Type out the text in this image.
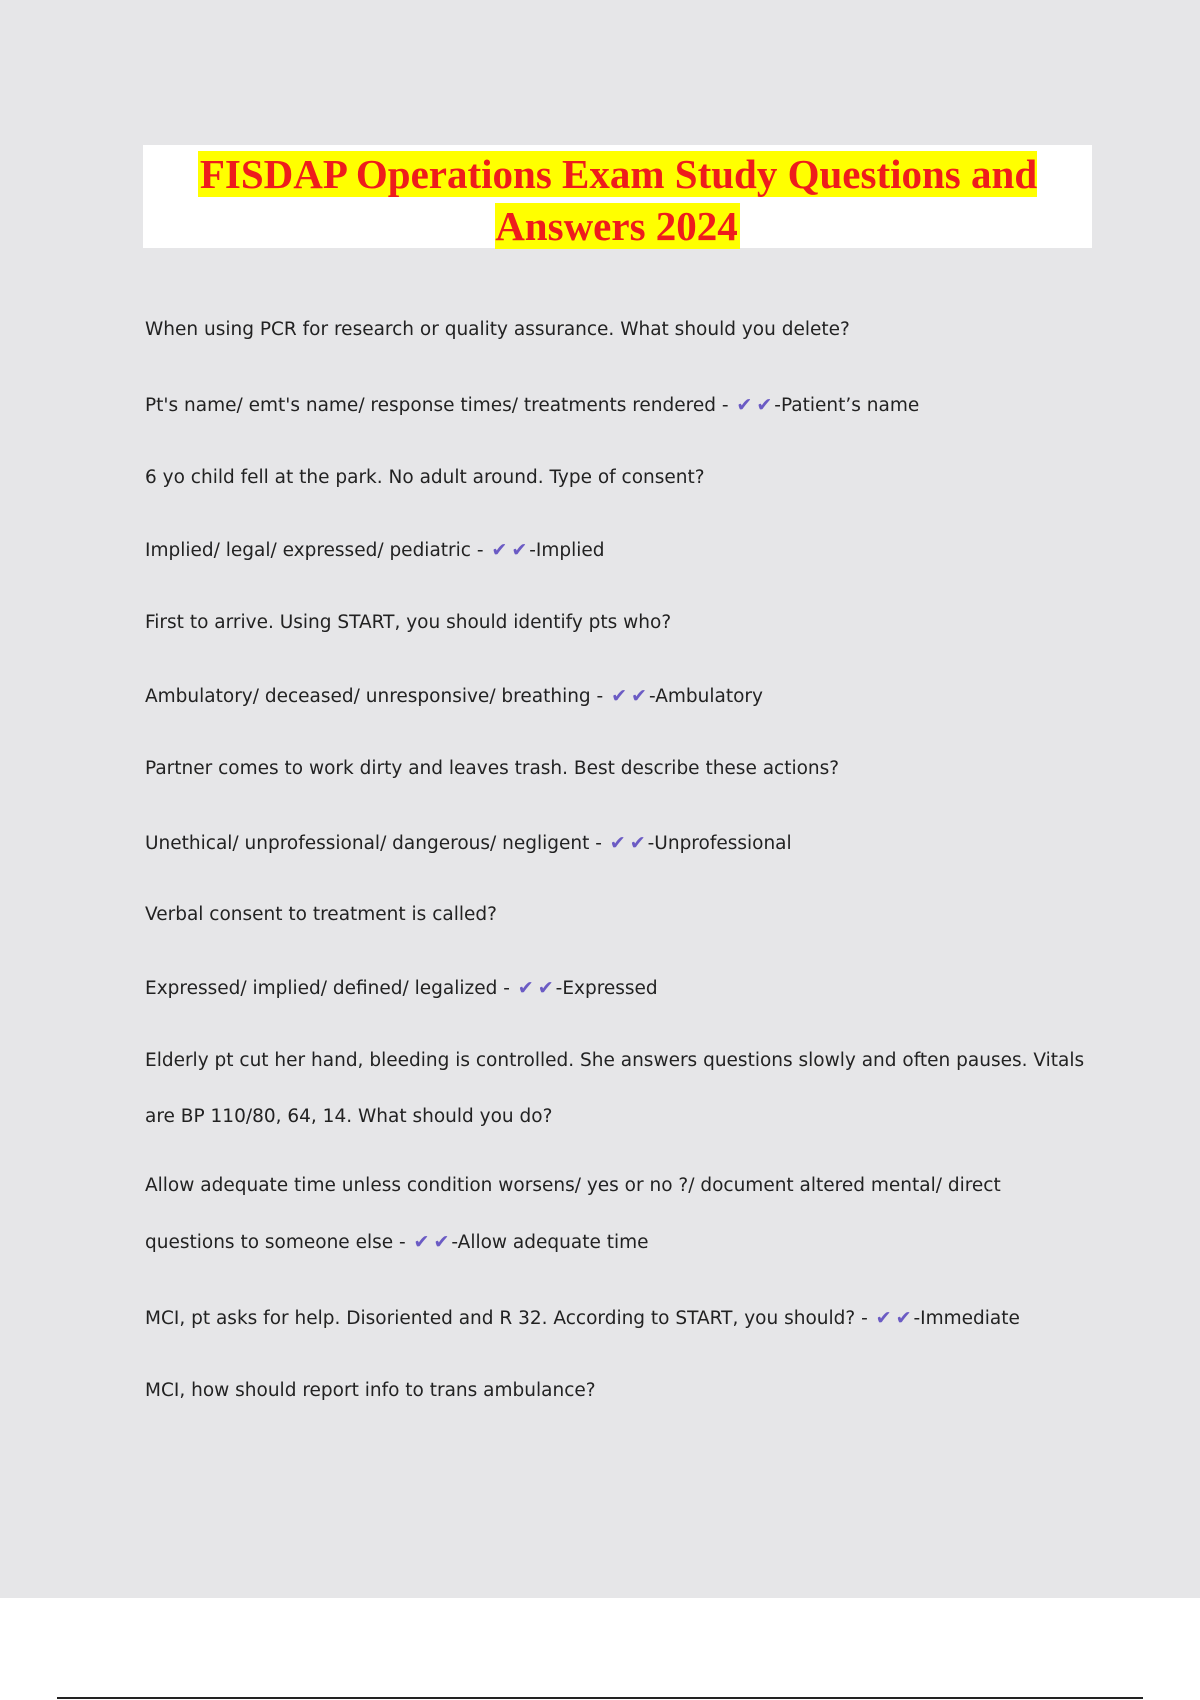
FISDAP Operations Exam Study Questions and Answers 2024
When using PCR for research or quality assurance. What should you delete?
Pt's name/ emt's name/ response times/ treatments rendered - ✔ ✔ -Patient’s name
6 yo child fell at the park. No adult around. Type of consent?
Implied/ legal/ expressed/ pediatric - ✔ ✔ -Implied
First to arrive. Using START, you should identify pts who?
Ambulatory/ deceased/ unresponsive/ breathing - ✔ ✔ -Ambulatory
Partner comes to work dirty and leaves trash. Best describe these actions?
Unethical/ unprofessional/ dangerous/ negligent - ✔ ✔ -Unprofessional
Verbal consent to treatment is called?
Expressed/ implied/ defined/ legalized - ✔ ✔ -Expressed
Elderly pt cut her hand, bleeding is controlled. She answers questions slowly and often pauses. Vitals are BP 110/80, 64, 14. What should you do?
Allow adequate time unless condition worsens/ yes or no ?/ document altered mental/ direct questions to someone else - ✔ ✔ -Allow adequate time
MCI, pt asks for help. Disoriented and R 32. According to START, you should? - ✔ ✔ -Immediate
MCI, how should report info to trans ambulance?
